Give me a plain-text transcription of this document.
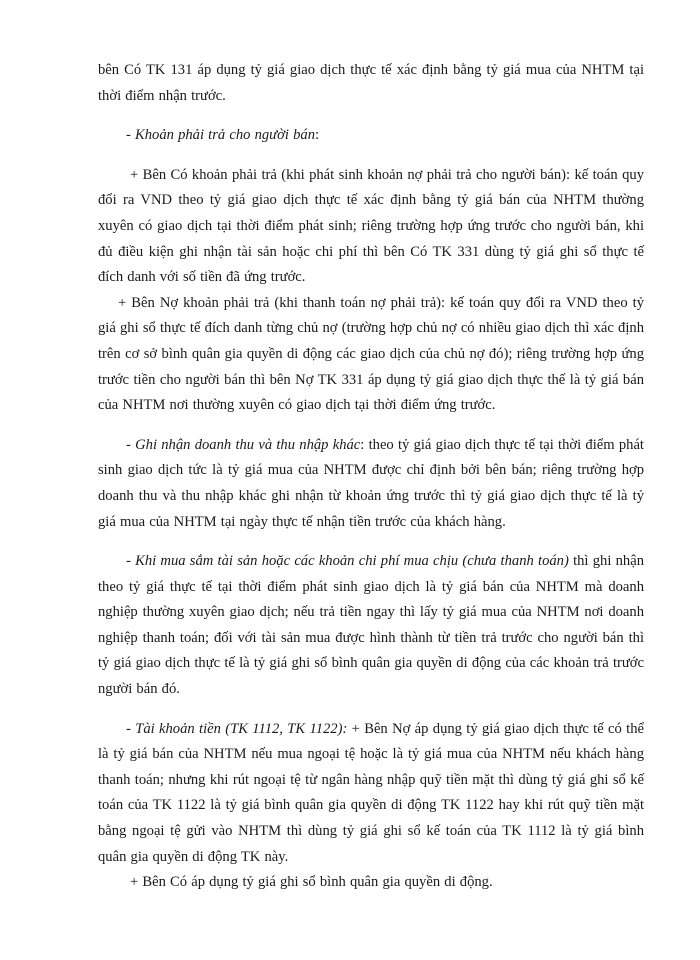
bên Có TK 131 áp dụng tỷ giá giao dịch thực tế xác định bằng tỷ giá mua của NHTM tại thời điểm nhận trước.

- Khoản phải trả cho người bán:

+ Bên Có khoản phải trả (khi phát sinh khoản nợ phải trả cho người bán): kế toán quy đổi ra VND theo tỷ giá giao dịch thực tế xác định bằng tỷ giá bán của NHTM thường xuyên có giao dịch tại thời điểm phát sinh; riêng trường hợp ứng trước cho người bán, khi đủ điều kiện ghi nhận tài sản hoặc chi phí thì bên Có TK 331 dùng tỷ giá ghi sổ thực tế đích danh với số tiền đã ứng trước.

+ Bên Nợ khoản phải trả (khi thanh toán nợ phải trả): kế toán quy đổi ra VND theo tỷ giá ghi sổ thực tế đích danh từng chủ nợ (trường hợp chủ nợ có nhiều giao dịch thì xác định trên cơ sở bình quân gia quyền di động các giao dịch của chủ nợ đó); riêng trường hợp ứng trước tiền cho người bán thì bên Nợ TK 331 áp dụng tỷ giá giao dịch thực thế là tỷ giá bán của NHTM nơi thường xuyên có giao dịch tại thời điểm ứng trước.

- Ghi nhận doanh thu và thu nhập khác: theo tỷ giá giao dịch thực tế tại thời điểm phát sinh giao dịch tức là tỷ giá mua của NHTM được chỉ định bởi bên bán; riêng trường hợp doanh thu và thu nhập khác ghi nhận từ khoản ứng trước thì tỷ giá giao dịch thực tế là tỷ giá mua của NHTM tại ngày thực tế nhận tiền trước của khách hàng.

- Khi mua sắm tài sản hoặc các khoản chi phí mua chịu (chưa thanh toán) thì ghi nhận theo tỷ giá thực tế tại thời điểm phát sinh giao dịch là tỷ giá bán của NHTM mà doanh nghiệp thường xuyên giao dịch; nếu trả tiền ngay thì lấy tỷ giá mua của NHTM nơi doanh nghiệp thanh toán; đối với tài sản mua được hình thành từ tiền trả trước cho người bán thì tỷ giá giao dịch thực tế là tỷ giá ghi sổ bình quân gia quyền di động của các khoản trả trước người bán đó.

- Tài khoản tiền (TK 1112, TK 1122): + Bên Nợ áp dụng tỷ giá giao dịch thực tế có thể là tỷ giá bán của NHTM nếu mua ngoại tệ hoặc là tỷ giá mua của NHTM nếu khách hàng thanh toán; nhưng khi rút ngoại tệ từ ngân hàng nhập quỹ tiền mặt thì dùng tỷ giá ghi sổ kế toán của TK 1122 là tỷ giá bình quân gia quyền di động TK 1122 hay khi rút quỹ tiền mặt bằng ngoại tệ gửi vào NHTM thì dùng tỷ giá ghi sổ kế toán của TK 1112 là tỷ giá bình quân gia quyền di động TK này.

+ Bên Có áp dụng tỷ giá ghi sổ bình quân gia quyền di động.
